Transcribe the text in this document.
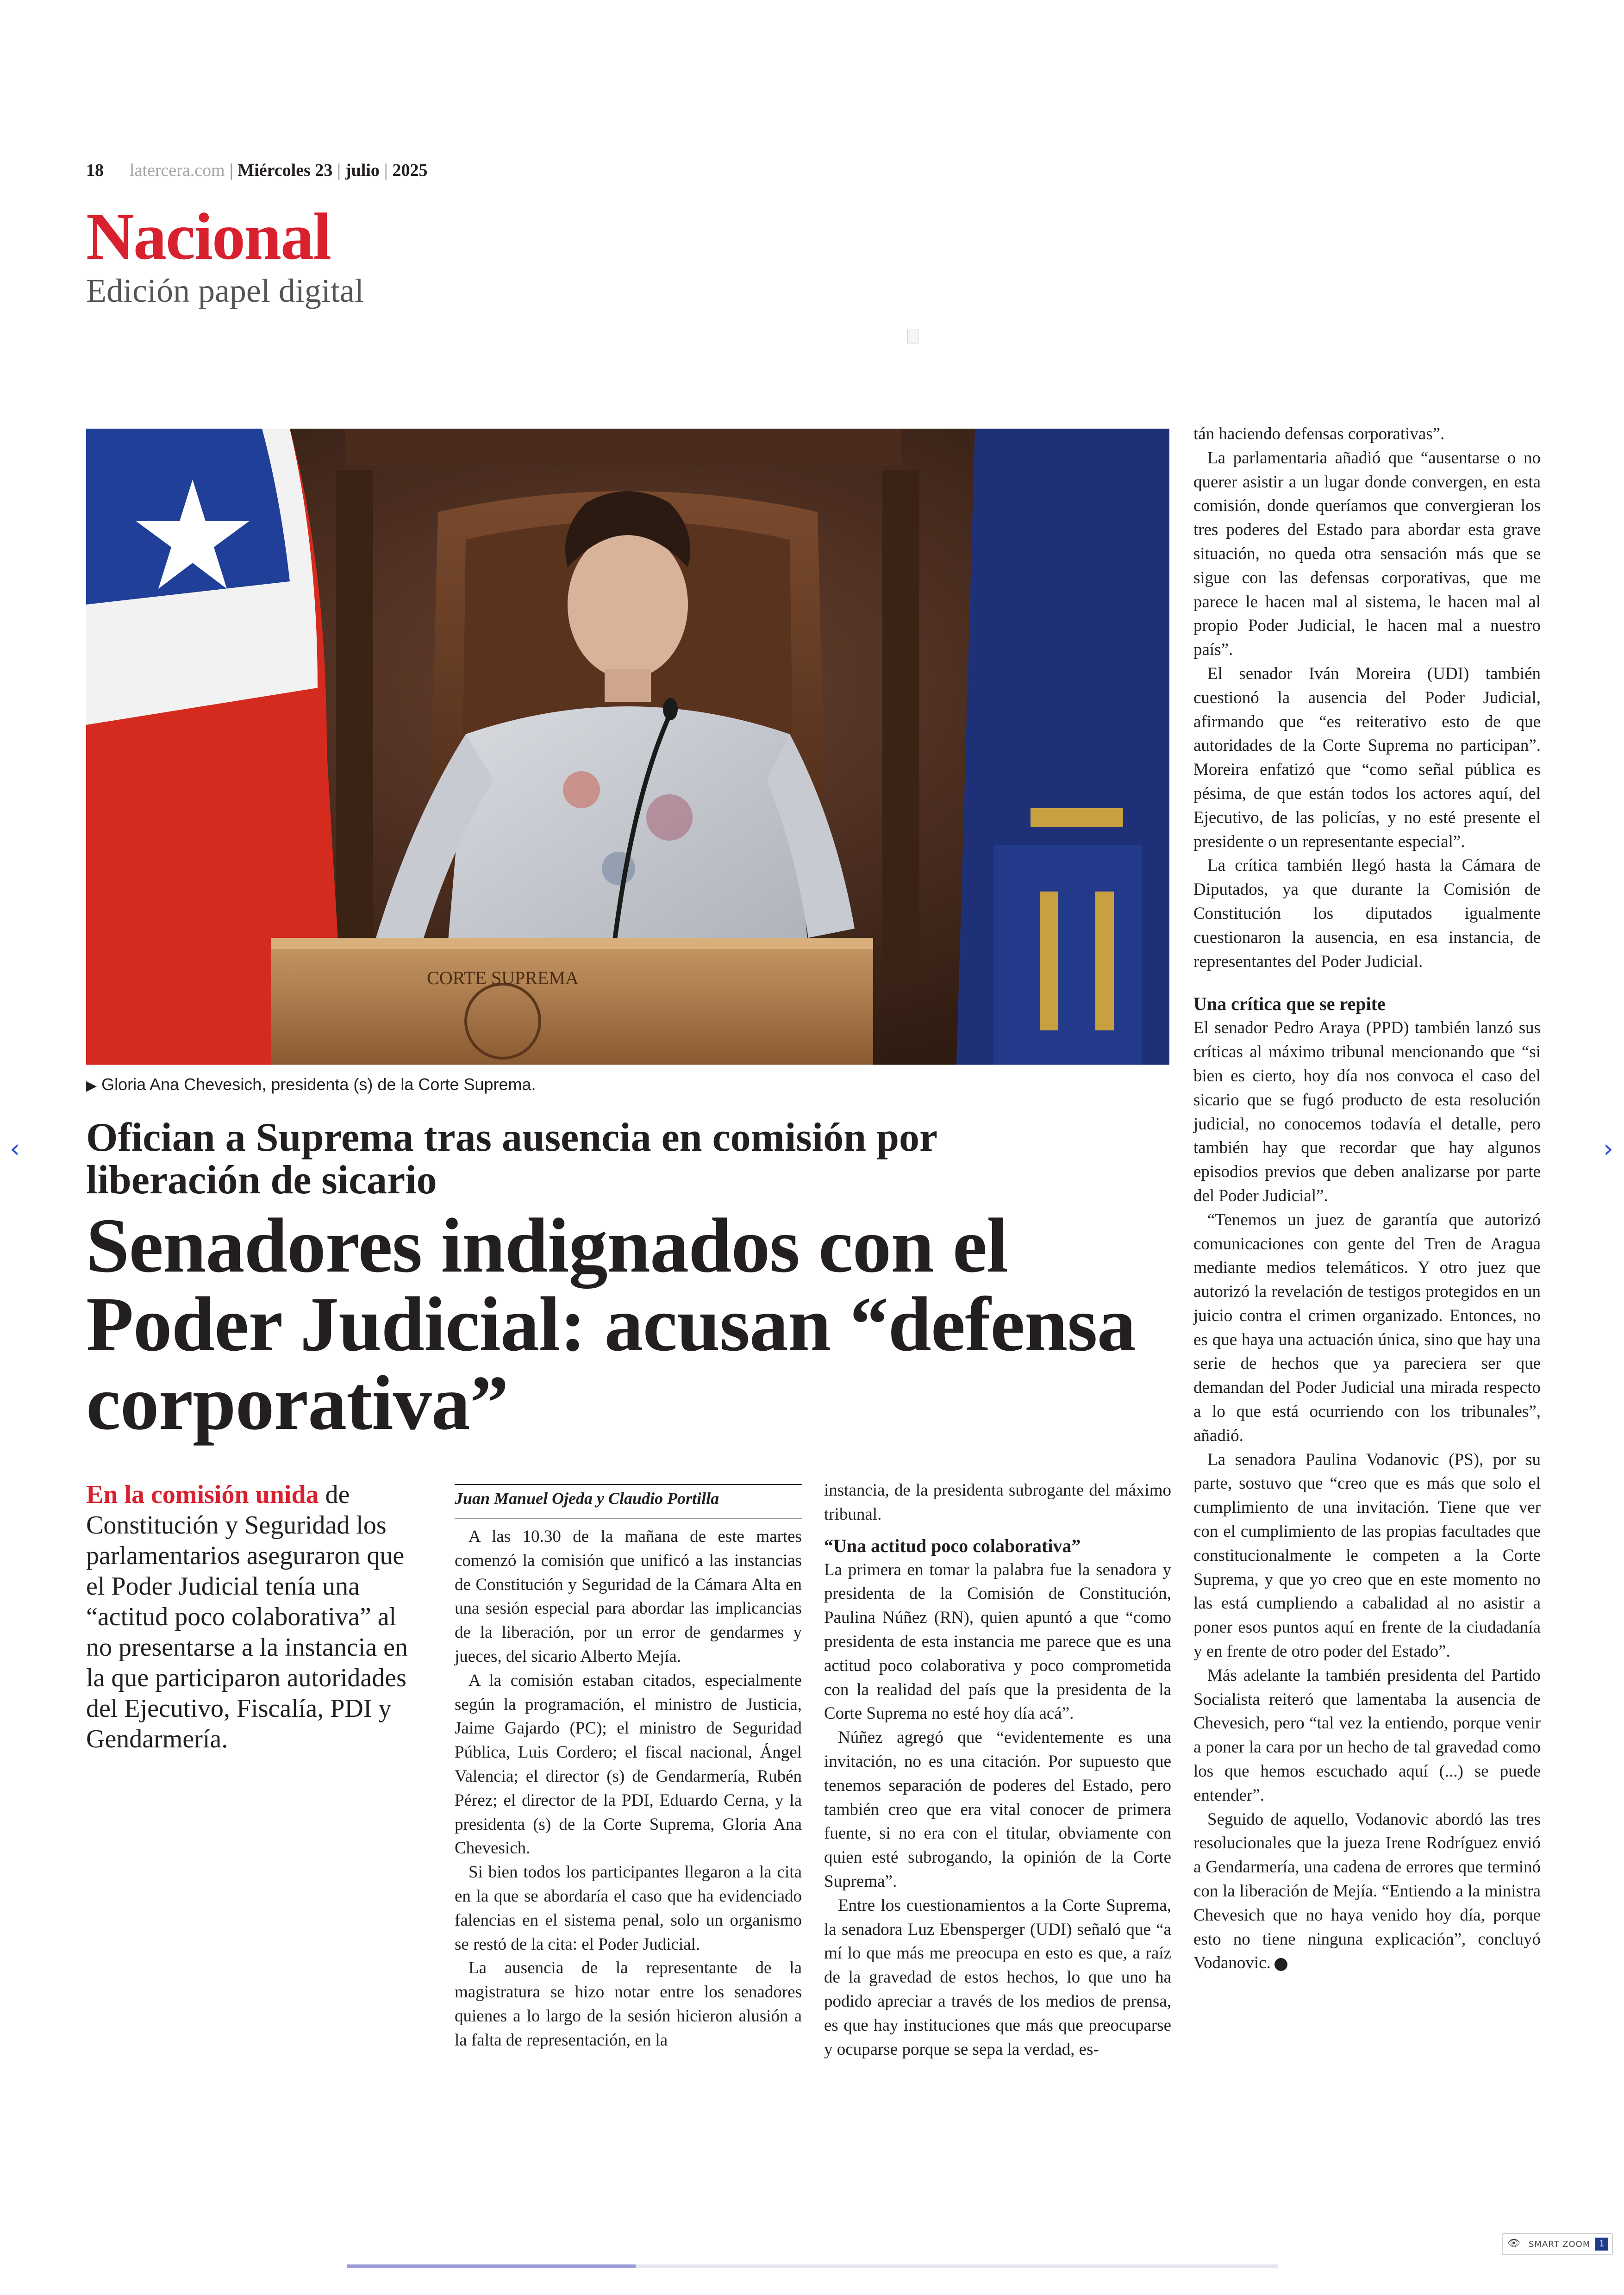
18 latercera.com | Miércoles 23 | julio | 2025
Nacional
Edición papel digital
CORTE SUPREMA
▶ Gloria Ana Chevesich, presidenta (s) de la Corte Suprema.
Ofician a Suprema tras ausencia en comisión por liberación de sicario
Senadores indignados con el Poder Judicial: acusan “defensa corporativa”
En la comisión unida de Constitución y Seguridad los parlamentarios aseguraron que el Poder Judicial tenía una “actitud poco colaborativa” al no presentarse a la instancia en la que participaron autoridades del Ejecutivo, Fiscalía, PDI y Gendarmería.
Juan Manuel Ojeda y Claudio Portilla

A las 10.30 de la mañana de este martes comenzó la comisión que unificó a las instancias de Constitución y Seguridad de la Cámara Alta en una sesión especial para abordar las implicancias de la liberación, por un error de gendarmes y jueces, del sicario Alberto Mejía.

A la comisión estaban citados, especialmente según la programación, el ministro de Justicia, Jaime Gajardo (PC); el ministro de Seguridad Pública, Luis Cordero; el fiscal nacional, Ángel Valencia; el director (s) de Gendarmería, Rubén Pérez; el director de la PDI, Eduardo Cerna, y la presidenta (s) de la Corte Suprema, Gloria Ana Chevesich.

Si bien todos los participantes llegaron a la cita en la que se abordaría el caso que ha evidenciado falencias en el sistema penal, solo un organismo se restó de la cita: el Poder Judicial.

La ausencia de la representante de la magistratura se hizo notar entre los senadores quienes a lo largo de la sesión hicieron alusión a la falta de representación, en la

instancia, de la presidenta subrogante del máximo tribunal.

“Una actitud poco colaborativa”

La primera en tomar la palabra fue la senadora y presidenta de la Comisión de Constitución, Paulina Núñez (RN), quien apuntó a que “como presidenta de esta instancia me parece que es una actitud poco colaborativa y poco comprometida con la realidad del país que la presidenta de la Corte Suprema no esté hoy día acá”.

Núñez agregó que “evidentemente es una invitación, no es una citación. Por supuesto que tenemos separación de poderes del Estado, pero también creo que era vital conocer de primera fuente, si no era con el titular, obviamente con quien esté subrogando, la opinión de la Corte Suprema”.

Entre los cuestionamientos a la Corte Suprema, la senadora Luz Ebensperger (UDI) señaló que “a mí lo que más me preocupa en esto es que, a raíz de la gravedad de estos hechos, lo que uno ha podido apreciar a través de los medios de prensa, es que hay instituciones que más que preocuparse y ocuparse porque se sepa la verdad, es-

tán haciendo defensas corporativas”.

La parlamentaria añadió que “ausentarse o no querer asistir a un lugar donde convergen, en esta comisión, donde queríamos que convergieran los tres poderes del Estado para abordar esta grave situación, no queda otra sensación más que se sigue con las defensas corporativas, que me parece le hacen mal al sistema, le hacen mal al propio Poder Judicial, le hacen mal a nuestro país”.

El senador Iván Moreira (UDI) también cuestionó la ausencia del Poder Judicial, afirmando que “es reiterativo esto de que autoridades de la Corte Suprema no participan”. Moreira enfatizó que “como señal pública es pésima, de que están todos los actores aquí, del Ejecutivo, de las policías, y no esté presente el presidente o un representante especial”.

La crítica también llegó hasta la Cámara de Diputados, ya que durante la Comisión de Constitución los diputados igualmente cuestionaron la ausencia, en esa instancia, de representantes del Poder Judicial.

Una crítica que se repite

El senador Pedro Araya (PPD) también lanzó sus críticas al máximo tribunal mencionando que “si bien es cierto, hoy día nos convoca el caso del sicario que se fugó producto de esta resolución judicial, no conocemos todavía el detalle, pero también hay que recordar que hay algunos episodios previos que deben analizarse por parte del Poder Judicial”.

“Tenemos un juez de garantía que autorizó comunicaciones con gente del Tren de Aragua mediante medios telemáticos. Y otro juez que autorizó la revelación de testigos protegidos en un juicio contra el crimen organizado. Entonces, no es que haya una actuación única, sino que hay una serie de hechos que ya pareciera ser que demandan del Poder Judicial una mirada respecto a lo que está ocurriendo con los tribunales”, añadió.

La senadora Paulina Vodanovic (PS), por su parte, sostuvo que “creo que es más que solo el cumplimiento de una invitación. Tiene que ver con el cumplimiento de las propias facultades que constitucionalmente le competen a la Corte Suprema, y que yo creo que en este momento no las está cumpliendo a cabalidad al no asistir a poner esos puntos aquí en frente de la ciudadanía y en frente de otro poder del Estado”.

Más adelante la también presidenta del Partido Socialista reiteró que lamentaba la ausencia de Chevesich, pero “tal vez la entiendo, porque venir a poner la cara por un hecho de tal gravedad como los que hemos escuchado aquí (...) se puede entender”.

Seguido de aquello, Vodanovic abordó las tres resolucionales que la jueza Irene Rodríguez envió a Gendarmería, una cadena de errores que terminó con la liberación de Mejía. “Entiendo a la ministra Chevesich que no haya venido hoy día, porque esto no tiene ninguna explicación”, concluyó Vodanovic.

‹	›
👁 SMART ZOOM	1
